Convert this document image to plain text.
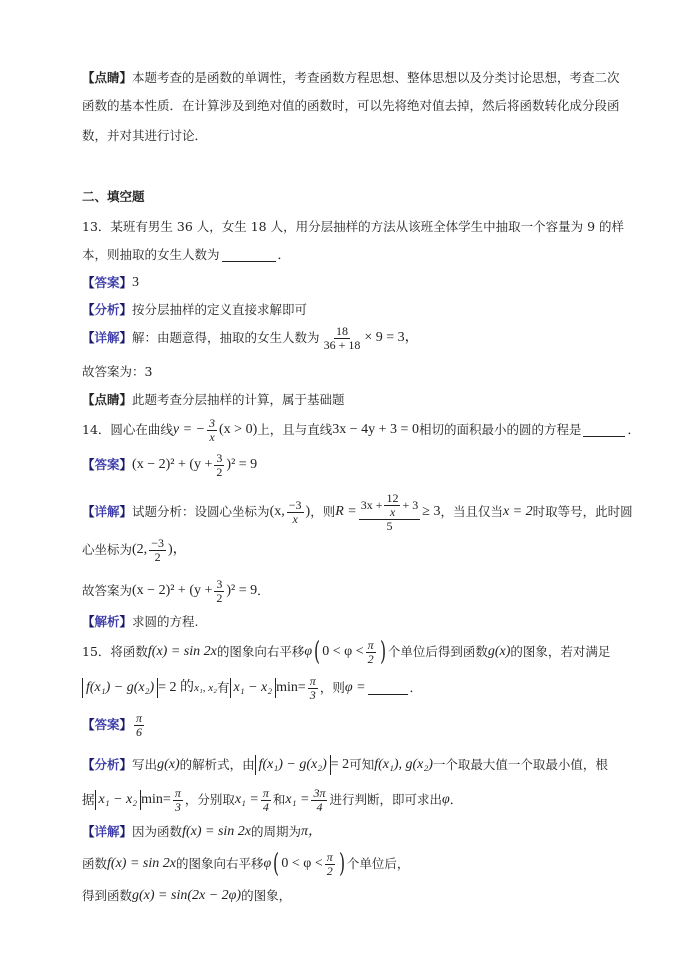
【点睛】 本题考查的是函数的单调性，考查函数方程思想、整体思想以及分类讨论思想，考查二次
函数的基本性质．在计算涉及到绝对值的函数时，可以先将绝对值去掉，然后将函数转化成分段函
数，并对其进行讨论．
二、填空题
13．某班有男生 36 人，女生 18 人，用分层抽样的方法从该班全体学生中抽取一个容量为 9 的样
本，则抽取的女生人数为	．
【答案】 3
【分析】 按分层抽样的定义直接求解即可
【详解】 解：由题意得，抽取的女生人数为 $\frac{18}{36 + 18} \times 9 = 3$，
故答案为：3
【点睛】 此题考查分层抽样的计算，属于基础题
14．圆心在曲线 y = − $\frac{3}{x} (x > 0)$ 上，且与直线 3x − 4y + 3 = 0 相切的面积最小的圆的方程是	．
【答案】 $(x - 2)^2 + (y + \frac{3}{2} )^2 = 9$
【详解】 试题分析：设圆心坐标为 (x, −3
x ) ，则 $R = \frac{3x + \frac{12}{x} + 3}{5} \ge 3$ ，当且仅当 x = 2 时取等号，此时圆
心坐标为 (2, −3
2 )，
故答案为 $(x - 2)^2 + (y + \frac{3}{2} )^2 = 9$ ．
【解析】 求圆的方程.
15．将函数 f(x) = sin 2x 的图象向右平移 φ ( 0 < φ < π
2 ) 个单位后得到函数 g(x) 的图象，若对满足
f(x₁) − g(x₂) = 2 的 x₁, x₂ 有 x₁ − x₂ $\min = \frac{\pi}{3}$ ，则 φ =	．
【答案】 π
6
【分析】 写出 g(x) 的解析式，由 f(x₁) − g(x₂) = 2 可知 f(x₁), g(x₂) 一个取最大值一个取最小值，根
据 x₁ − x₂ $\min = \frac{\pi}{3}$ ，分别取 $x_1 = \frac{\pi}{4}$ 和 $x_1 = \frac{3\pi}{4}$ 进行判断，即可求出 φ ．
【详解】 因为函数 f(x) = sin 2x 的周期为 π，
函数 f(x) = sin 2x 的图象向右平移 φ ( 0 < φ < π
2 ) 个单位后，
得到函数 g(x) = sin(2x − 2φ) 的图象，
